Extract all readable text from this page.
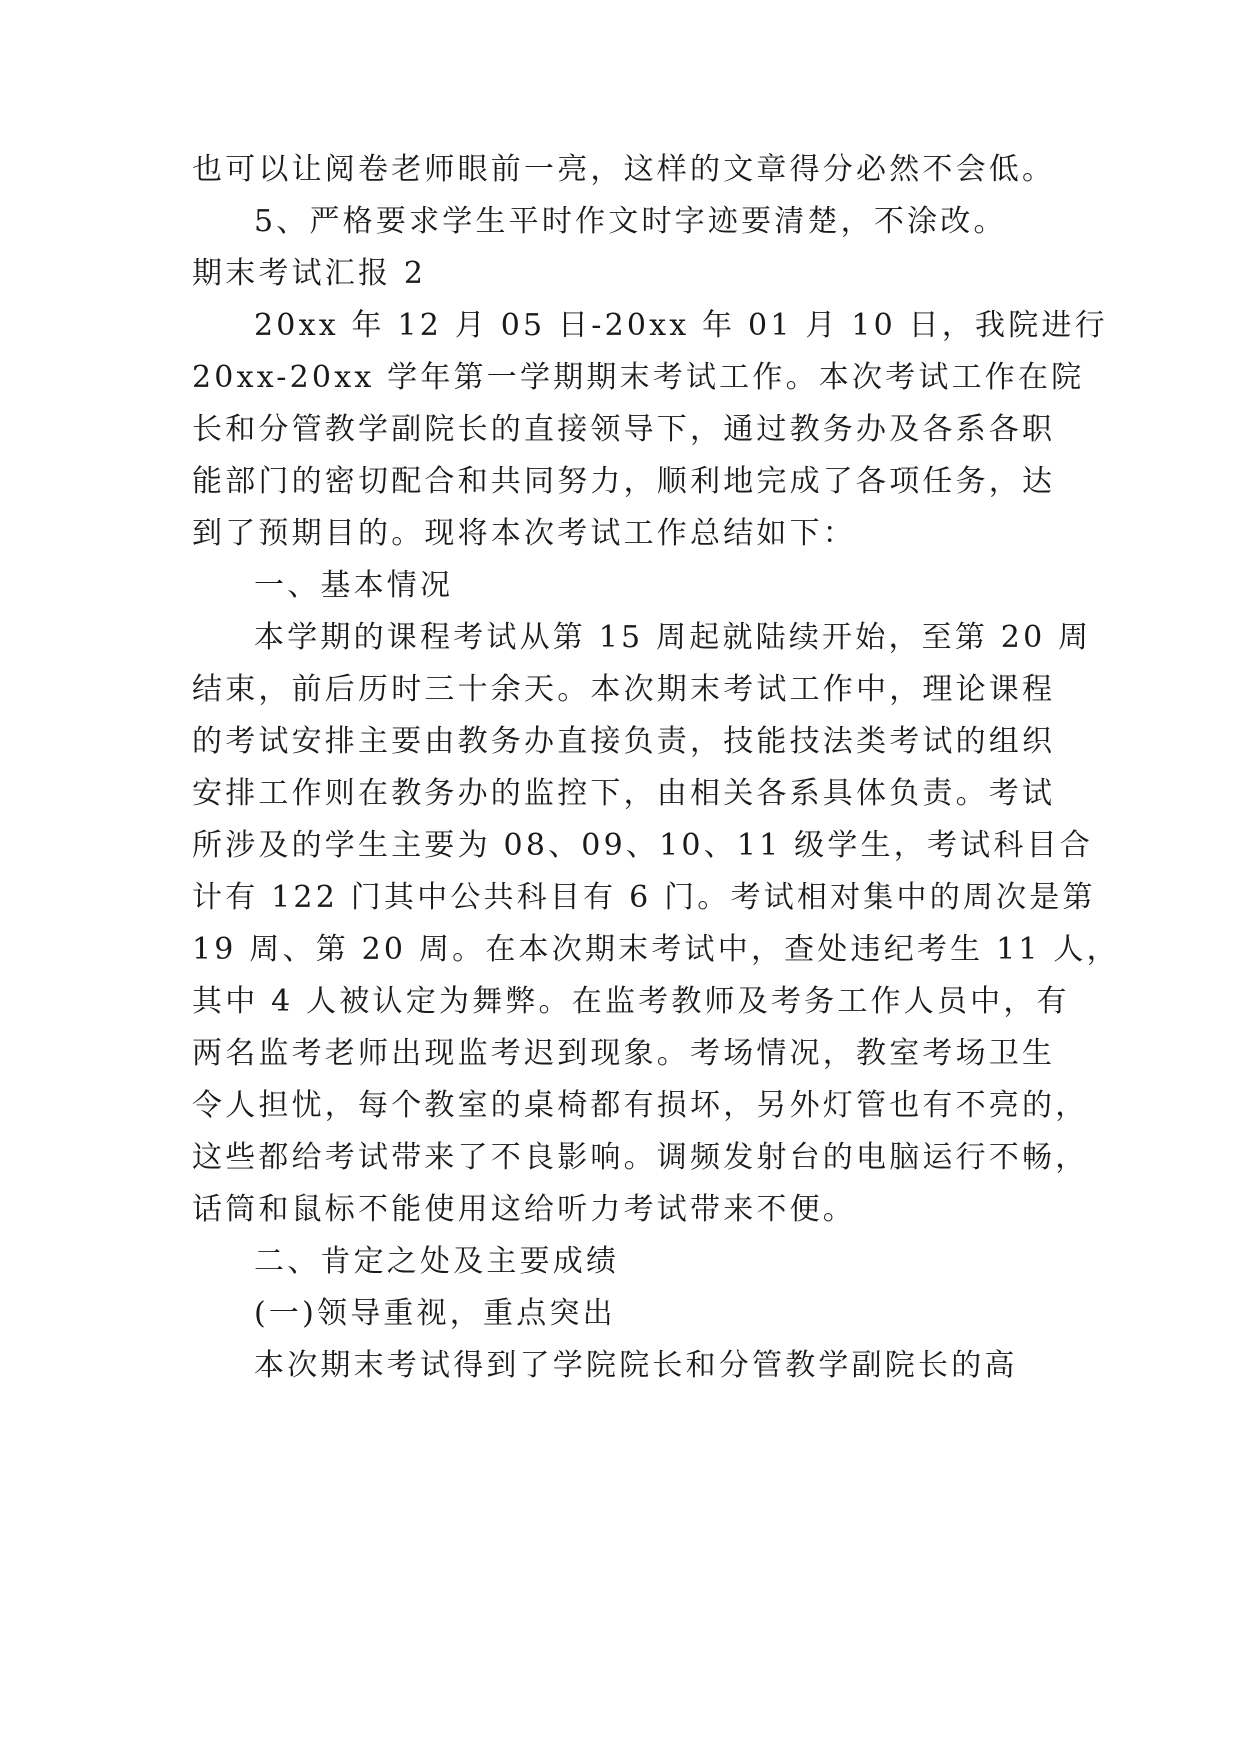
也可以让阅卷老师眼前一亮，这样的文章得分必然不会低。
5、严格要求学生平时作文时字迹要清楚，不涂改。
期末考试汇报 2
20xx 年 12 月 05 日-20xx 年 01 月 10 日，我院进行
20xx-20xx 学年第一学期期末考试工作。本次考试工作在院
长和分管教学副院长的直接领导下，通过教务办及各系各职
能部门的密切配合和共同努力，顺利地完成了各项任务，达
到了预期目的。现将本次考试工作总结如下：
一、基本情况
本学期的课程考试从第 15 周起就陆续开始，至第 20 周
结束，前后历时三十余天。本次期末考试工作中，理论课程
的考试安排主要由教务办直接负责，技能技法类考试的组织
安排工作则在教务办的监控下，由相关各系具体负责。考试
所涉及的学生主要为 08、09、10、11 级学生，考试科目合
计有 122 门其中公共科目有 6 门。考试相对集中的周次是第
19 周、第 20 周。在本次期末考试中，查处违纪考生 11 人，
其中 4 人被认定为舞弊。在监考教师及考务工作人员中，有
两名监考老师出现监考迟到现象。考场情况，教室考场卫生
令人担忧，每个教室的桌椅都有损坏，另外灯管也有不亮的，
这些都给考试带来了不良影响。调频发射台的电脑运行不畅，
话筒和鼠标不能使用这给听力考试带来不便。
二、肯定之处及主要成绩
(一)领导重视，重点突出
本次期末考试得到了学院院长和分管教学副院长的高
